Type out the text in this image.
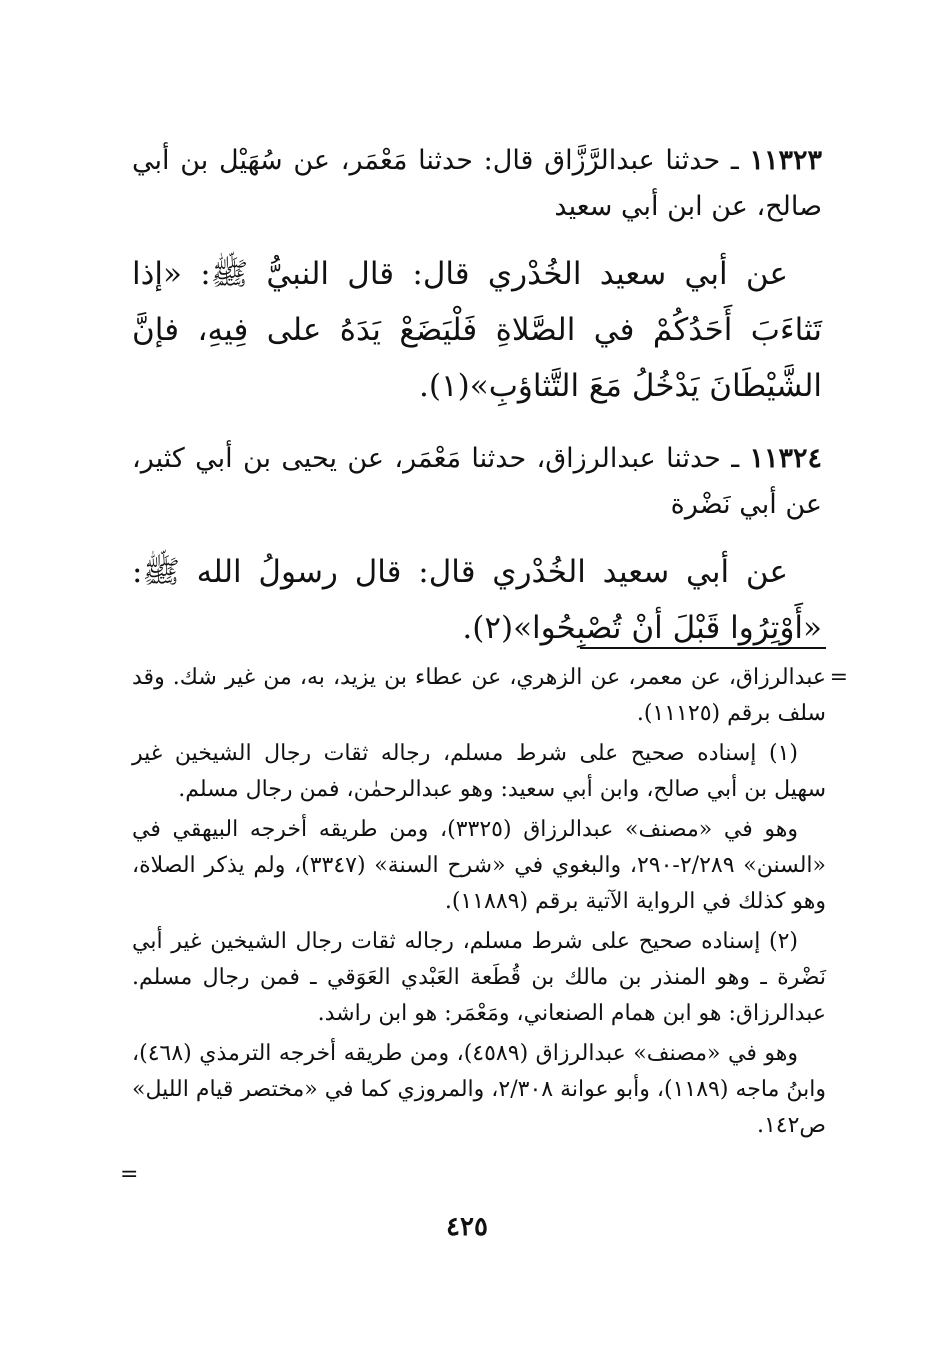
١١٣٢٣ ـ حدثنا عبدالرَّزَّاق قال: حدثنا مَعْمَر، عن سُهَيْل بن أبي صالح، عن ابن أبي سعيد

عن أبي سعيد الخُدْري قال: قال النبيُّ ﷺ: «إذا تَثاءَبَ أَحَدُكُمْ في الصَّلاةِ فَلْيَضَعْ يَدَهُ على فِيهِ، فإنَّ الشَّيْطَانَ يَدْخُلُ مَعَ التَّثاؤبِ»(١).

١١٣٢٤ ـ حدثنا عبدالرزاق، حدثنا مَعْمَر، عن يحيى بن أبي كثير، عن أبي نَضْرة

عن أبي سعيد الخُدْري قال: قال رسولُ الله ﷺ: «أَوْتِرُوا قَبْلَ أنْ تُصْبِحُوا»(٢).

=

عبدالرزاق، عن معمر، عن الزهري، عن عطاء بن يزيد، به، من غير شك. وقد سلف برقم (١١١٢٥).

(١) إسناده صحيح على شرط مسلم، رجاله ثقات رجال الشيخين غير سهيل بن أبي صالح، وابن أبي سعيد: وهو عبدالرحمٰن، فمن رجال مسلم.

وهو في «مصنف» عبدالرزاق (٣٣٢٥)، ومن طريقه أخرجه البيهقي في «السنن» ٢/٢٨٩-٢٩٠، والبغوي في «شرح السنة» (٣٣٤٧)، ولم يذكر الصلاة، وهو كذلك في الرواية الآتية برقم (١١٨٨٩).

(٢) إسناده صحيح على شرط مسلم، رجاله ثقات رجال الشيخين غير أبي نَضْرة ـ وهو المنذر بن مالك بن قُطَعة العَبْدي العَوَقي ـ فمن رجال مسلم. عبدالرزاق: هو ابن همام الصنعاني، ومَعْمَر: هو ابن راشد.

وهو في «مصنف» عبدالرزاق (٤٥٨٩)، ومن طريقه أخرجه الترمذي (٤٦٨)، وابنُ ماجه (١١٨٩)، وأبو عوانة ٢/٣٠٨، والمروزي كما في «مختصر قيام الليل» ص١٤٢.

=
٤٢٥
